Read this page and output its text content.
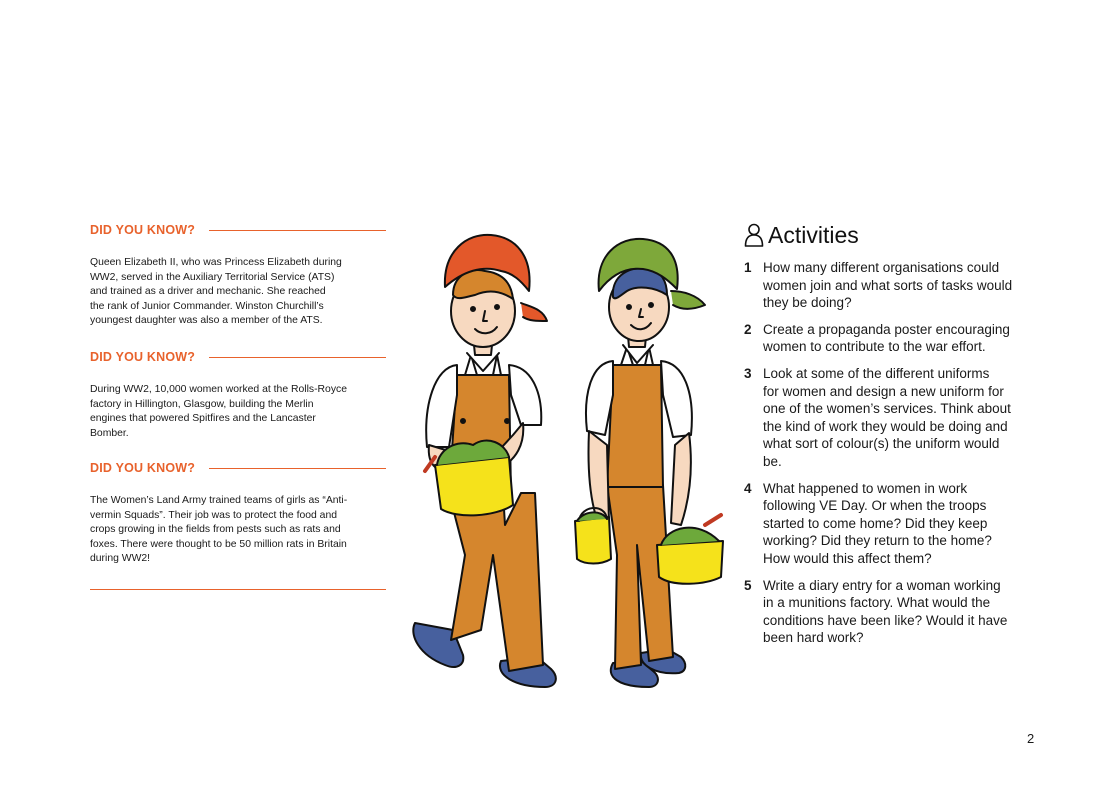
DID YOU KNOW?

Queen Elizabeth II, who was Princess Elizabeth during
WW2, served in the Auxiliary Territorial Service (ATS)
and trained as a driver and mechanic. She reached
the rank of Junior Commander. Winston Churchill’s
youngest daughter was also a member of the ATS.

DID YOU KNOW?

During WW2, 10,000 women worked at the Rolls-Royce
factory in Hillington, Glasgow, building the Merlin
engines that powered Spitfires and the Lancaster
Bomber.

DID YOU KNOW?

The Women’s Land Army trained teams of girls as “Anti-
vermin Squads”. Their job was to protect the food and
crops growing in the fields from pests such as rats and
foxes. There were thought to be 50 million rats in Britain
during WW2!

Activities
1 How many different organisations could
women join and what sorts of tasks would
they be doing?
2 Create a propaganda poster encouraging
women to contribute to the war effort.
3 Look at some of the different uniforms
for women and design a new uniform for
one of the women’s services. Think about
the kind of work they would be doing and
what sort of colour(s) the uniform would
be.
4 What happened to women in work
following VE Day. Or when the troops
started to come home? Did they keep
working? Did they return to the home?
How would this affect them?
5 Write a diary entry for a woman working
in a munitions factory. What would the
conditions have been like? Would it have
been hard work?
2
